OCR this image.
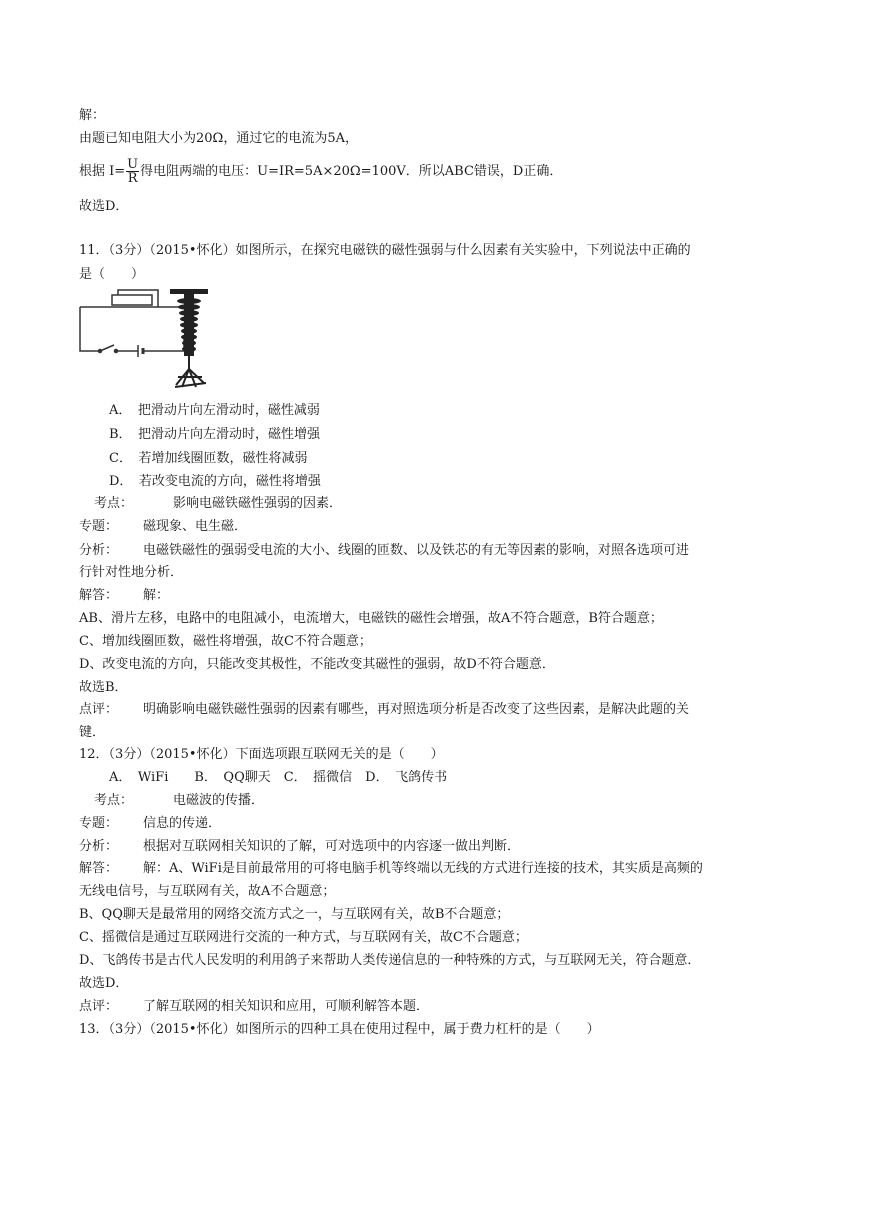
解：
由题已知电阻大小为20Ω，通过它的电流为5A，
根据 $I= \frac{U}{R}$ 得电阻两端的电压：U=IR=5A×20Ω=100V．所以ABC错误，D正确．
故选D．
11．（3分）（2015•怀化）如图所示，在探究电磁铁的磁性强弱与什么因素有关实验中，下列说法中正确的
是（　　）
A．　把滑动片向左滑动时，磁性减弱
B．　把滑动片向左滑动时，磁性增强
C．　若增加线圈匝数，磁性将减弱
D．　若改变电流的方向，磁性将增强
考点：	影响电磁铁磁性强弱的因素．
专题： 磁现象、电生磁．
分析： 电磁铁磁性的强弱受电流的大小、线圈的匝数、以及铁芯的有无等因素的影响，对照各选项可进
行针对性地分析．
解答： 解：
AB、滑片左移，电路中的电阻减小，电流增大，电磁铁的磁性会增强，故A不符合题意，B符合题意；
C、增加线圈匝数，磁性将增强，故C不符合题意；
D、改变电流的方向，只能改变其极性，不能改变其磁性的强弱，故D不符合题意．
故选B．
点评： 明确影响电磁铁磁性强弱的因素有哪些，再对照选项分析是否改变了这些因素，是解决此题的关
键．
12．（3分）（2015•怀化）下面选项跟互联网无关的是（　　）
A．　WiFi　　B．　QQ聊天　C．　摇微信　D．　飞鸽传书
考点：	电磁波的传播．
专题： 信息的传递．
分析： 根据对互联网相关知识的了解，可对选项中的内容逐一做出判断．
解答： 解：A、WiFi是目前最常用的可将电脑手机等终端以无线的方式进行连接的技术，其实质是高频的
无线电信号，与互联网有关，故A不合题意；
B、QQ聊天是最常用的网络交流方式之一，与互联网有关，故B不合题意；
C、摇微信是通过互联网进行交流的一种方式，与互联网有关，故C不合题意；
D、飞鸽传书是古代人民发明的利用鸽子来帮助人类传递信息的一种特殊的方式，与互联网无关，符合题意．
故选D．
点评： 了解互联网的相关知识和应用，可顺利解答本题．
13．（3分）（2015•怀化）如图所示的四种工具在使用过程中，属于费力杠杆的是（　　）
